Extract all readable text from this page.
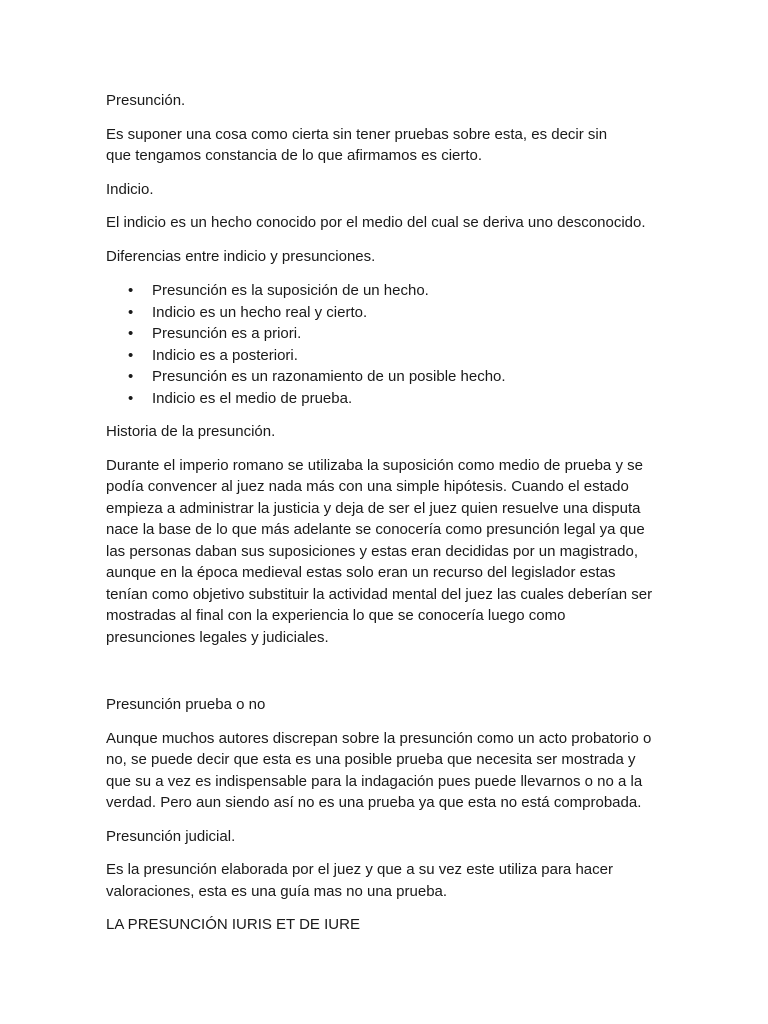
Presunción.

Es suponer una cosa como cierta sin tener pruebas sobre esta, es decir sin que tengamos constancia de lo que afirmamos es cierto.

Indicio.

El indicio es un hecho conocido por el medio del cual se deriva uno desconocido.

Diferencias entre indicio y presunciones.

• Presunción es la suposición de un hecho.
• Indicio es un hecho real y cierto.
• Presunción es a priori.
• Indicio es a posteriori.
• Presunción es un razonamiento de un posible hecho.
• Indicio es el medio de prueba.

Historia de la presunción.

Durante el imperio romano se utilizaba la suposición como medio de prueba y se
podía convencer al juez nada más con una simple hipótesis. Cuando el estado
empieza a administrar la justicia y deja de ser el juez quien resuelve una disputa
nace la base de lo que más adelante se conocería como presunción legal ya que
las personas daban sus suposiciones y estas eran decididas por un magistrado,
aunque en la época medieval estas solo eran un recurso del legislador estas
tenían como objetivo substituir la actividad mental del juez las cuales deberían ser
mostradas al final con la experiencia lo que se conocería luego como
presunciones legales y judiciales.

Presunción prueba o no

Aunque muchos autores discrepan sobre la presunción como un acto probatorio o
no, se puede decir que esta es una posible prueba que necesita ser mostrada y
que su a vez es indispensable para la indagación pues puede llevarnos o no a la
verdad. Pero aun siendo así no es una prueba ya que esta no está comprobada.

Presunción judicial.

Es la presunción elaborada por el juez y que a su vez este utiliza para hacer
valoraciones, esta es una guía mas no una prueba.

LA PRESUNCIÓN IURIS ET DE IURE
